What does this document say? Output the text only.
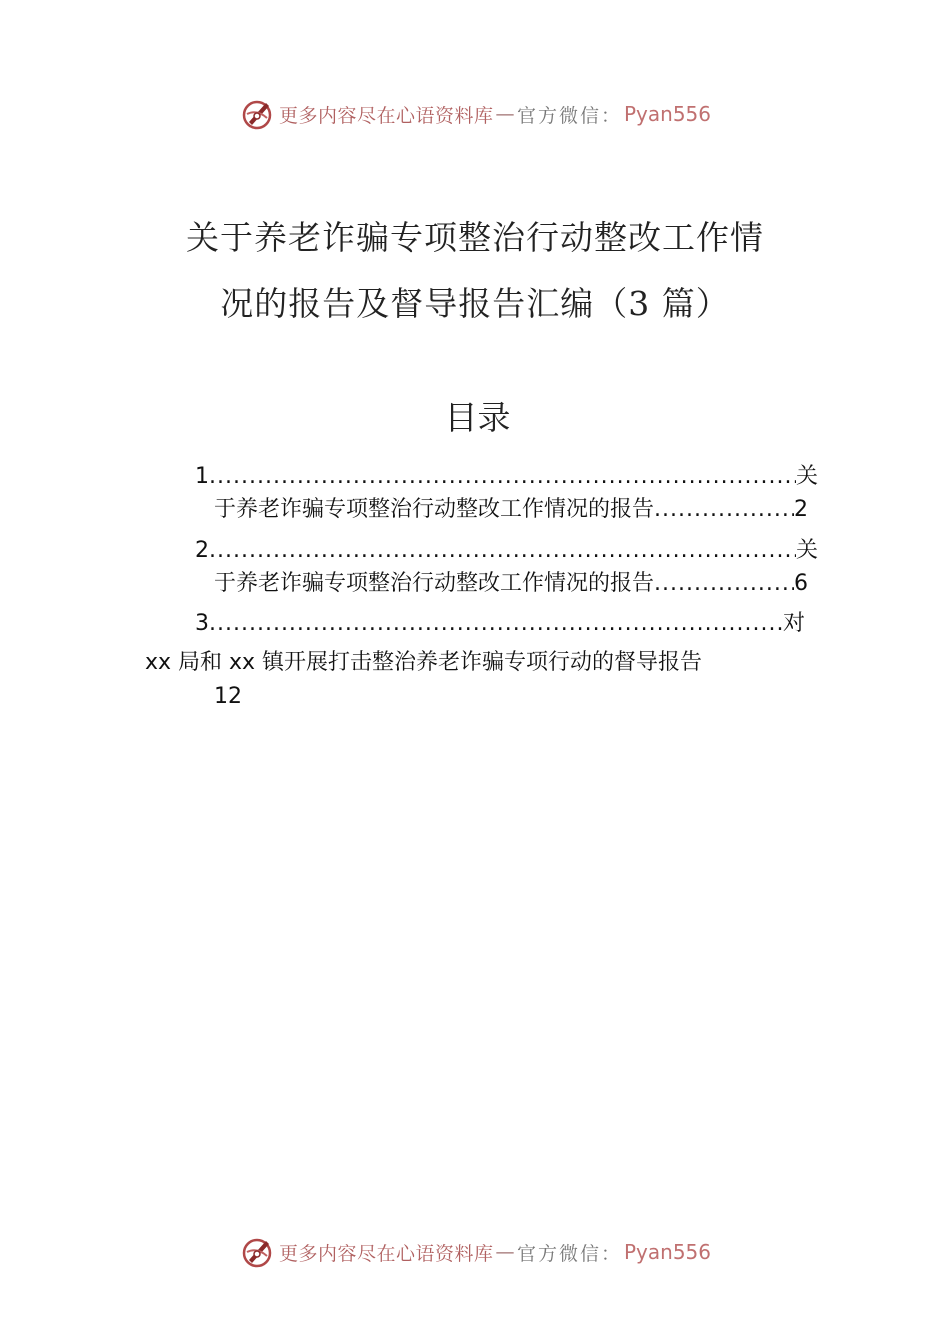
更多内容尽在心语资料库 — 官方微信： Pyan556
关于养老诈骗专项整治行动整改工作情
况的报告及督导报告汇编（3 篇）
目录
1 .....	关
于养老诈骗专项整治行动整改工作情况的报告 .....	2
2 .....	关
于养老诈骗专项整治行动整改工作情况的报告 .....	6
3 .....	对
xx 局和 xx 镇开展打击整治养老诈骗专项行动的督导报告
12
更多内容尽在心语资料库 — 官方微信： Pyan556
